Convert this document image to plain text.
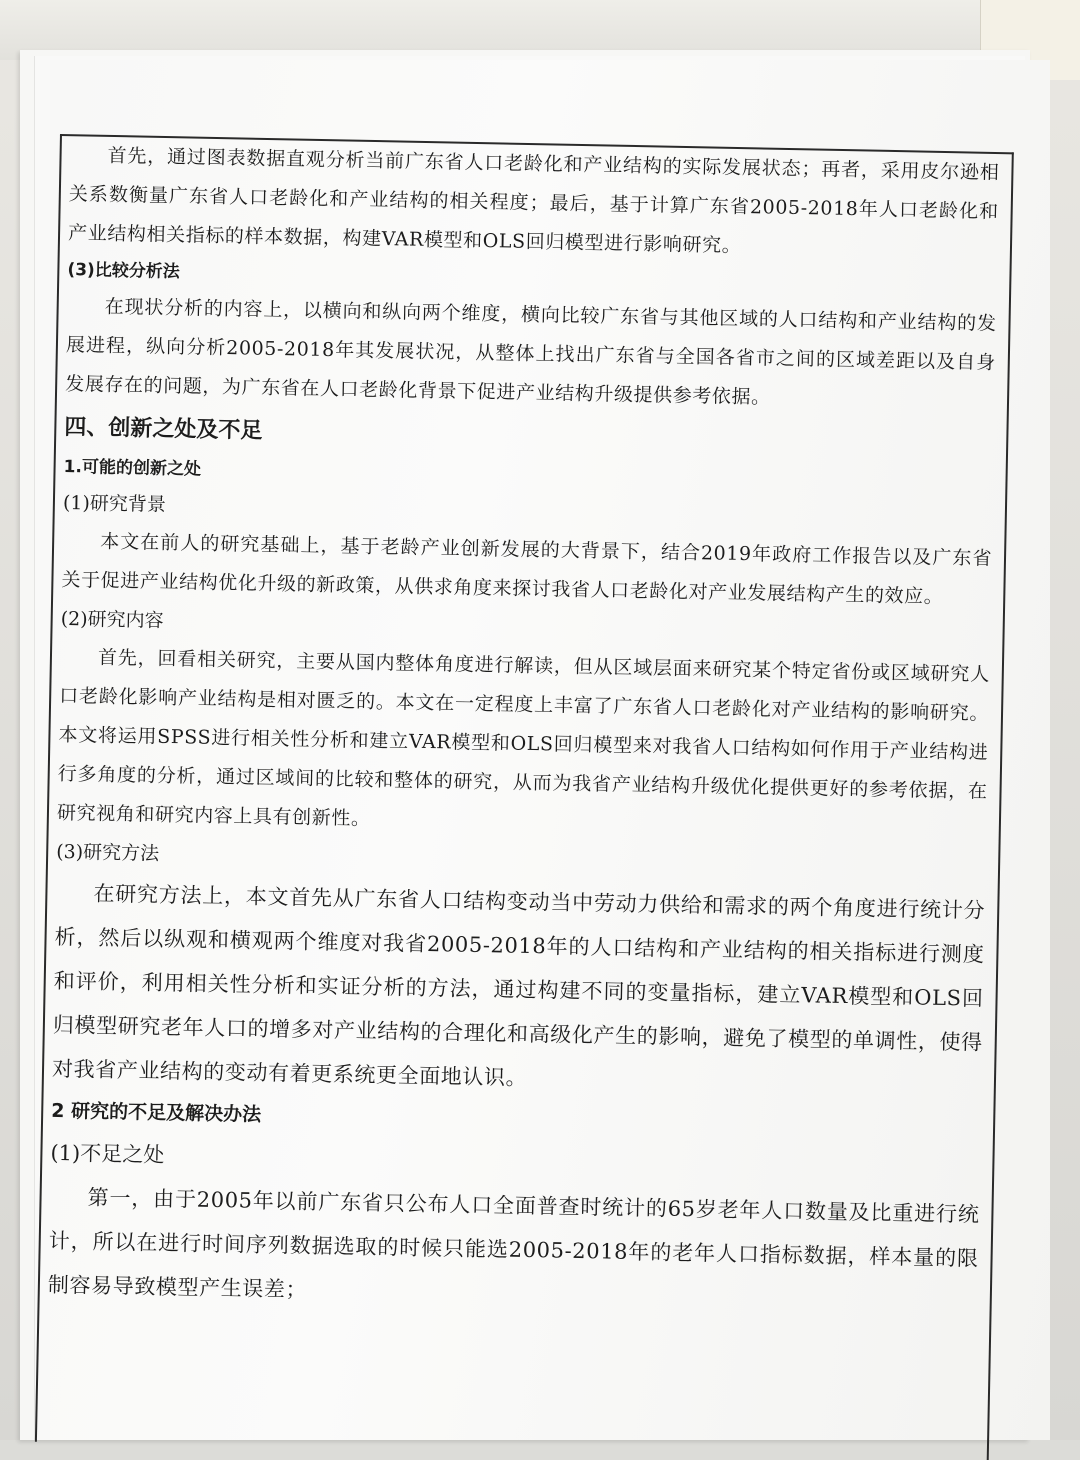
首先，通过图表数据直观分析当前广东省人口老龄化和产业结构的实际发展状态；再者，采用皮尔逊相关系数衡量广东省人口老龄化和产业结构的相关程度；最后，基于计算广东省2005-2018年人口老龄化和产业结构相关指标的样本数据，构建VAR模型和OLS回归模型进行影响研究。

(3)比较分析法

在现状分析的内容上，以横向和纵向两个维度，横向比较广东省与其他区域的人口结构和产业结构的发展进程，纵向分析2005-2018年其发展状况，从整体上找出广东省与全国各省市之间的区域差距以及自身发展存在的问题，为广东省在人口老龄化背景下促进产业结构升级提供参考依据。

四、创新之处及不足

1.可能的创新之处

(1)研究背景

本文在前人的研究基础上，基于老龄产业创新发展的大背景下，结合2019年政府工作报告以及广东省关于促进产业结构优化升级的新政策，从供求角度来探讨我省人口老龄化对产业发展结构产生的效应。

(2)研究内容

首先，回看相关研究，主要从国内整体角度进行解读，但从区域层面来研究某个特定省份或区域研究人口老龄化影响产业结构是相对匮乏的。本文在一定程度上丰富了广东省人口老龄化对产业结构的影响研究。本文将运用SPSS进行相关性分析和建立VAR模型和OLS回归模型来对我省人口结构如何作用于产业结构进行多角度的分析，通过区域间的比较和整体的研究，从而为我省产业结构升级优化提供更好的参考依据，在研究视角和研究内容上具有创新性。

(3)研究方法

在研究方法上，本文首先从广东省人口结构变动当中劳动力供给和需求的两个角度进行统计分析，然后以纵观和横观两个维度对我省2005-2018年的人口结构和产业结构的相关指标进行测度和评价，利用相关性分析和实证分析的方法，通过构建不同的变量指标，建立VAR模型和OLS回归模型研究老年人口的增多对产业结构的合理化和高级化产生的影响，避免了模型的单调性，使得对我省产业结构的变动有着更系统更全面地认识。

2 研究的不足及解决办法

(1)不足之处

第一，由于2005年以前广东省只公布人口全面普查时统计的65岁老年人口数量及比重进行统计，所以在进行时间序列数据选取的时候只能选2005-2018年的老年人口指标数据，样本量的限制容易导致模型产生误差；
